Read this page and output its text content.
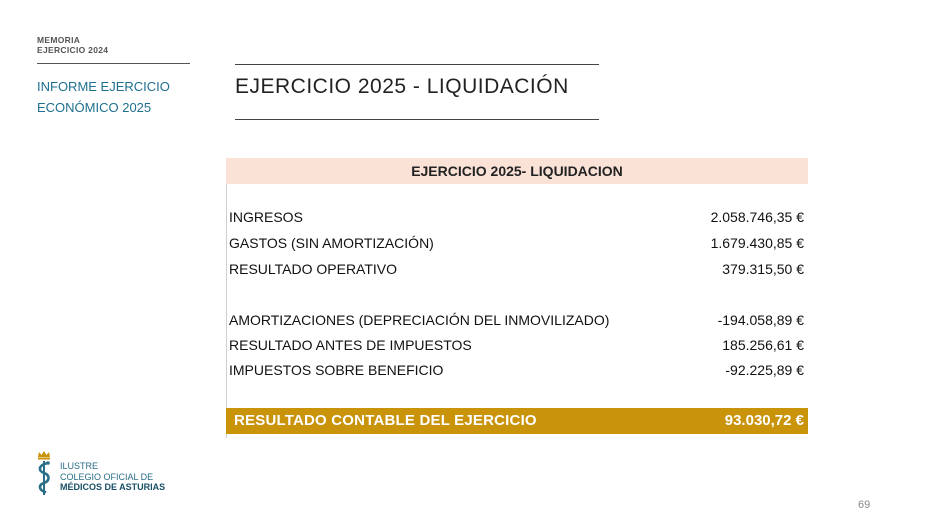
MEMORIA
EJERCICIO 2024
INFORME EJERCICIO
ECONÓMICO 2025
EJERCICIO 2025 - LIQUIDACIÓN
EJERCICIO 2025- LIQUIDACION
INGRESOS	2.058.746,35 €
GASTOS (SIN AMORTIZACIÓN)	1.679.430,85 €
RESULTADO OPERATIVO	379.315,50 €
AMORTIZACIONES (DEPRECIACIÓN DEL INMOVILIZADO)	-194.058,89 €
RESULTADO ANTES DE IMPUESTOS	185.256,61 €
IMPUESTOS SOBRE BENEFICIO	-92.225,89 €
RESULTADO CONTABLE DEL EJERCICIO	93.030,72 €
ILUSTRE
COLEGIO OFICIAL DE
MÉDICOS DE ASTURIAS
69
